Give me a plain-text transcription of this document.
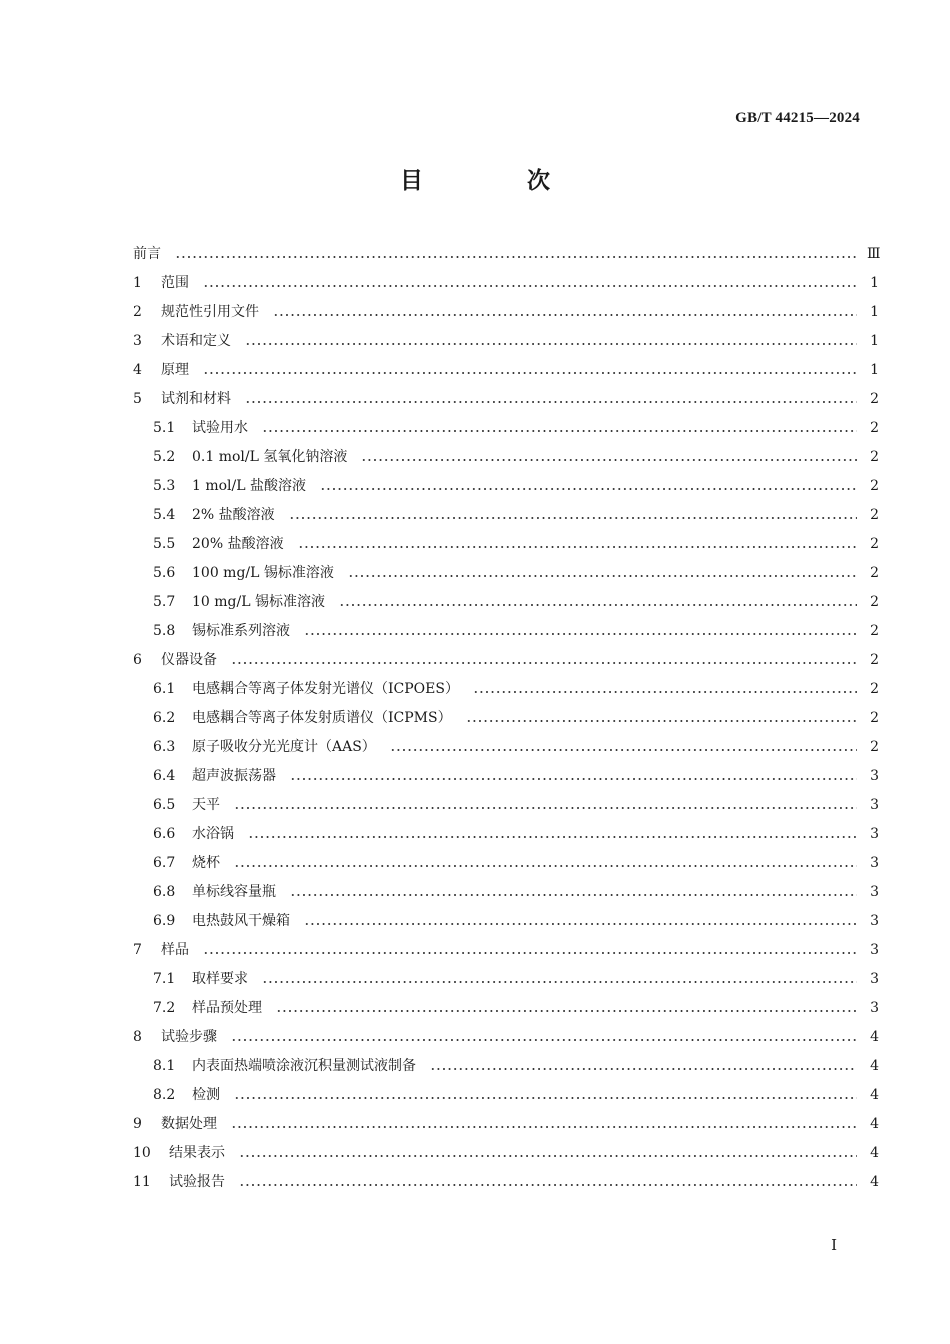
GB/T 44215—2024
目 次
前言	Ⅲ
1	范围	1
2	规范性引用文件	1
3	术语和定义	1
4	原理	1
5	试剂和材料	2
5.1	试验用水	2
5.2	0.1 mol/L 氢氧化钠溶液	2
5.3	1 mol/L 盐酸溶液	2
5.4	2% 盐酸溶液	2
5.5	20% 盐酸溶液	2
5.6	100 mg/L 锡标准溶液	2
5.7	10 mg/L 锡标准溶液	2
5.8	锡标准系列溶液	2
6	仪器设备	2
6.1	电感耦合等离子体发射光谱仪（ICPOES）	2
6.2	电感耦合等离子体发射质谱仪（ICPMS）	2
6.3	原子吸收分光光度计（AAS）	2
6.4	超声波振荡器	3
6.5	天平	3
6.6	水浴锅	3
6.7	烧杯	3
6.8	单标线容量瓶	3
6.9	电热鼓风干燥箱	3
7	样品	3
7.1	取样要求	3
7.2	样品预处理	3
8	试验步骤	4
8.1	内表面热端喷涂液沉积量测试液制备	4
8.2	检测	4
9	数据处理	4
10	结果表示	4
11	试验报告	4
I
